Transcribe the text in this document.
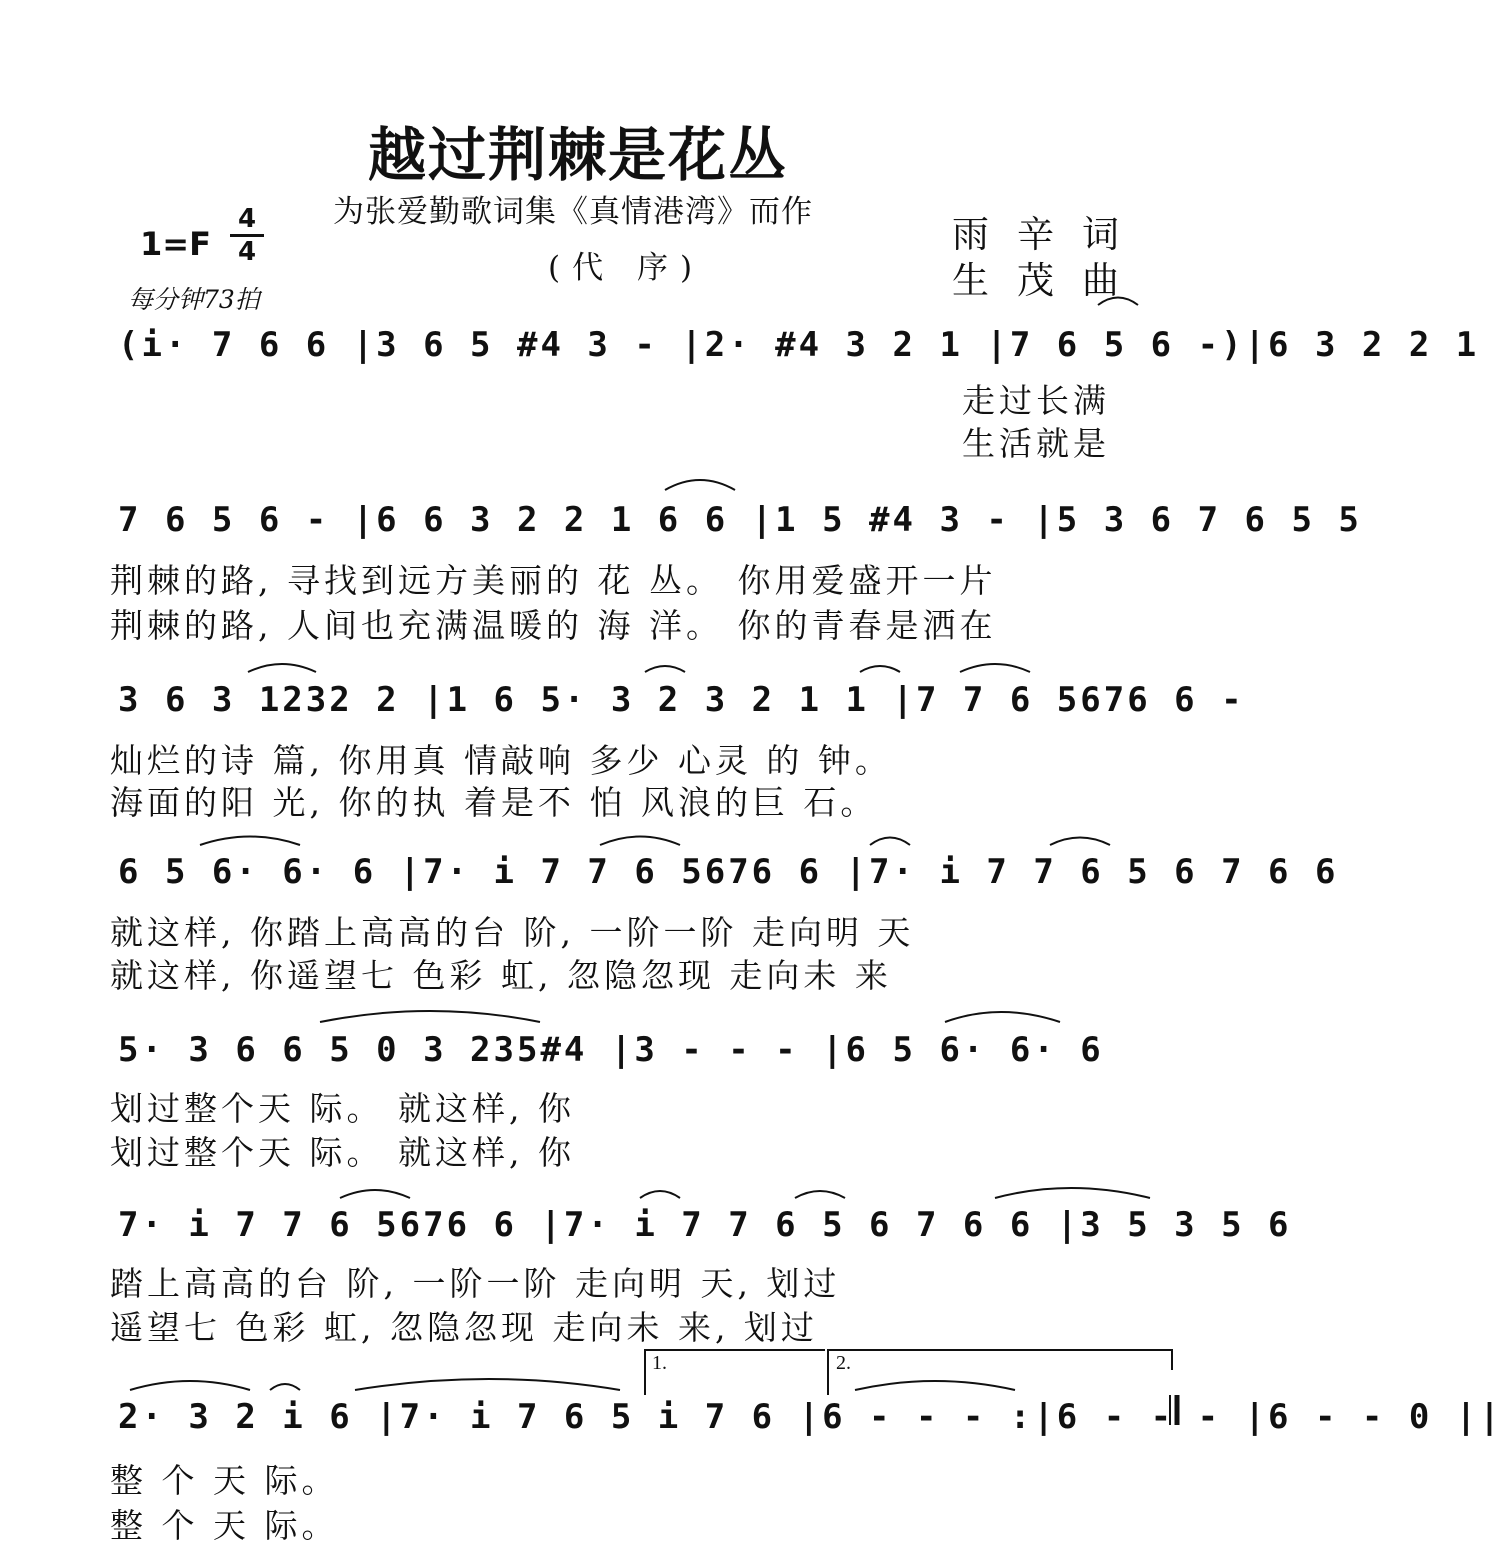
越过荆棘是花丛
为张爱勤歌词集《真情港湾》而作
(代 序)
雨辛词
生茂曲
1=F
4
4
每分钟73拍
(i· 7 6 6 |3 6 5 #4 3 - |2· #4 3 2 1 |7 6 5 6 -)|6 3 2 2 1
走过长满
生活就是
7 6 5 6 - |6 6 3 2 2 1 6 6 |1 5 #4 3 - |5 3 6 7 6 5 5
荆棘的路, 寻找到远方美丽的 花 丛。 你用爱盛开一片
荆棘的路, 人间也充满温暖的 海 洋。 你的青春是洒在
3 6 3 1232 2 |1 6 5· 3 2 3 2 1 1 |7 7 6 5676 6 -
灿烂的诗 篇, 你用真 情敲响 多少 心灵 的 钟。
海面的阳 光, 你的执 着是不 怕 风浪的巨 石。
6 5 6· 6· 6 |7· i 7 7 6 5676 6 |7· i 7 7 6 5 6 7 6 6
就这样, 你踏上高高的台 阶, 一阶一阶 走向明 天
就这样, 你遥望七 色彩 虹, 忽隐忽现 走向未 来
5· 3 6 6 5 0 3 235#4 |3 - - - |6 5 6· 6· 6
划过整个天 际。 就这样, 你
划过整个天 际。 就这样, 你
7· i 7 7 6 5676 6 |7· i 7 7 6 5 6 7 6 6 |3 5 3 5 6
踏上高高的台 阶, 一阶一阶 走向明 天, 划过
遥望七 色彩 虹, 忽隐忽现 走向未 来, 划过
2· 3 2 i 6 |7· i 7 6 5 i 7 6 |6 - - - :|6 - - - |6 - - 0 ||
1.	2.
整 个 天 际。
整 个 天 际。
